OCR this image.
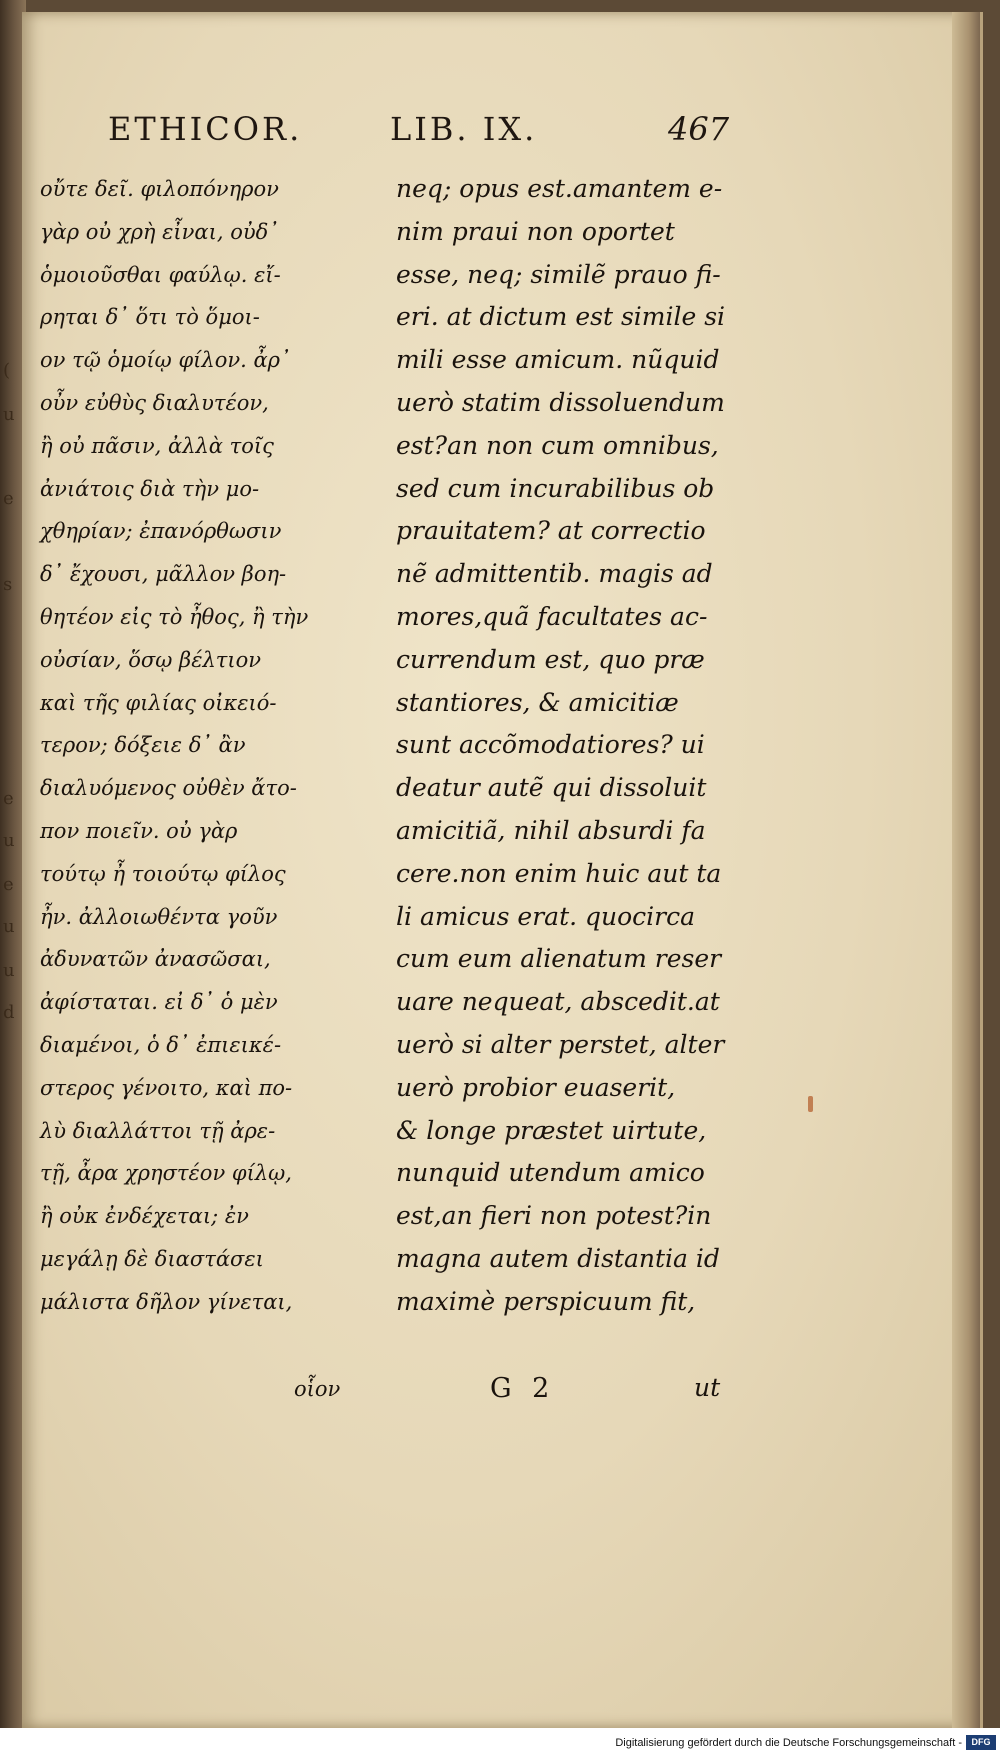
(
u
e
s
e
u
e
u
u
d
ETHICOR.	LIB. IX.	467
οὔτε δεῖ. φιλοπόνηρον
γὰρ οὐ χρὴ εἶναι, οὐδ᾽
ὁμοιοῦσθαι φαύλῳ. εἴ-
ρηται δ᾽ ὅτι τὸ ὅμοι-
ον τῷ ὁμοίῳ φίλον. ἆρ᾽
οὖν εὐθὺς διαλυτέον,
ἢ οὐ πᾶσιν, ἀλλὰ τοῖς
ἀνιάτοις διὰ τὴν μο-
χθηρίαν; ἐπανόρθωσιν
δ᾽ ἔχουσι, μᾶλλον βοη-
θητέον εἰς τὸ ἦθος, ἢ τὴν
οὐσίαν, ὅσῳ βέλτιον
καὶ τῆς φιλίας οἰκειό-
τερον; δόξειε δ᾽ ἂν
διαλυόμενος οὐθὲν ἄτο-
πον ποιεῖν. οὐ γὰρ
τούτῳ ἦ τοιούτῳ φίλος
ἦν. ἀλλοιωθέντα γοῦν
ἀδυνατῶν ἀνασῶσαι,
ἀφίσταται. εἰ δ᾽ ὁ μὲν
διαμένοι, ὁ δ᾽ ἐπιεικέ-
στερος γένοιτο, καὶ πο-
λὺ διαλλάττοι τῇ ἀρε-
τῇ, ἆρα χρηστέον φίλῳ,
ἢ οὐκ ἐνδέχεται; ἐν
μεγάλῃ δὲ διαστάσει
μάλιστα δῆλον γίνεται,
neq; opus est.amantem e-
nim praui non oportet
esse, neq; similẽ prauo fi-
eri. at dictum est simile si
mili esse amicum. nũquid
uerò statim dissoluendum
est?an non cum omnibus,
sed cum incurabilibus ob
prauitatem? at correctio
nẽ admittentib. magis ad
mores,quã facultates ac-
currendum est, quo præ
stantiores, & amicitiæ
sunt accõmodatiores? ui
deatur autẽ qui dissoluit
amicitiã, nihil absurdi fa
cere.non enim huic aut ta
li amicus erat. quocirca
cum eum alienatum reser
uare nequeat, abscedit.at
uerò si alter perstet, alter
uerò probior euaserit,
& longe præstet uirtute,
nunquid utendum amico
est,an fieri non potest?in
magna autem distantia id
maximè perspicuum fit,
οἷον	G 2	ut
Digitalisierung gefördert durch die Deutsche Forschungsgemeinschaft -	DFG
